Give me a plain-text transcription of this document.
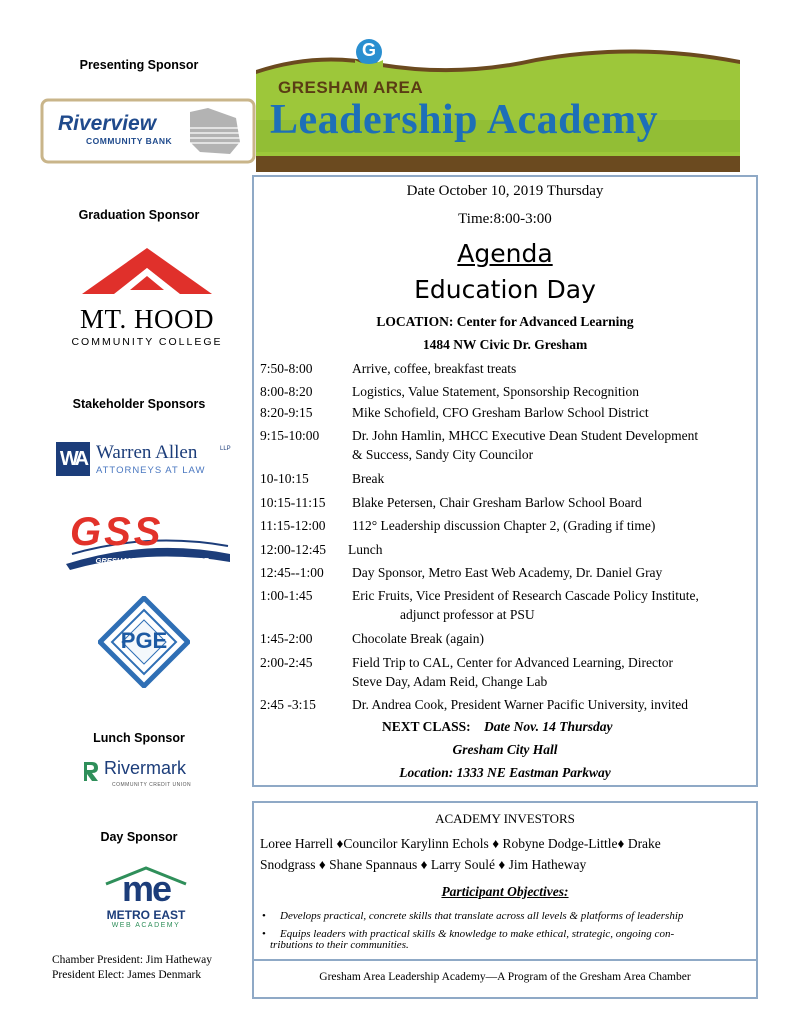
Presenting Sponsor
Riverview
COMMUNITY BANK
Graduation Sponsor
MT. HOOD
COMMUNITY COLLEGE
Stakeholder Sponsors
WA Warren Allen	LLP
ATTORNEYS AT LAW
GSS
GRESHAM SANITARY SERVICE
PGE
Lunch Sponsor
Rivermark
COMMUNITY CREDIT UNION
Day Sponsor
me
METRO EAST
WEB ACADEMY
Chamber President: Jim Hatheway
President Elect: James Denmark
G
GRESHAM AREA
Leadership Academy
Date October 10, 2019 Thursday
Time:8:00-3:00
Agenda
Education Day
LOCATION: Center for Advanced Learning
1484 NW Civic Dr. Gresham
7:50-8:00	Arrive, coffee, breakfast treats
8:00-8:20	Logistics, Value Statement, Sponsorship Recognition
8:20-9:15	Mike Schofield, CFO Gresham Barlow School District
9:15-10:00	Dr. John Hamlin, MHCC Executive Dean Student Development
& Success, Sandy City Councilor
10-10:15	Break
10:15-11:15	Blake Petersen, Chair Gresham Barlow School Board
11:15-12:00	112° Leadership discussion Chapter 2, (Grading if time)
12:00-12:45	Lunch
12:45--1:00	Day Sponsor, Metro East Web Academy, Dr. Daniel Gray
1:00-1:45	Eric Fruits, Vice President of Research Cascade Policy Institute,
adjunct professor at PSU
1:45-2:00	Chocolate Break (again)
2:00-2:45	Field Trip to CAL, Center for Advanced Learning, Director
Steve Day, Adam Reid, Change Lab
2:45 -3:15	Dr. Andrea Cook, President Warner Pacific University, invited
NEXT CLASS: Date Nov. 14 Thursday
Gresham City Hall
Location: 1333 NE Eastman Parkway
ACADEMY INVESTORS
Loree Harrell ♦Councilor Karylinn Echols ♦ Robyne Dodge-Little♦ Drake
Snodgrass ♦ Shane Spannaus ♦ Larry Soulé ♦ Jim Hatheway
Participant Objectives:
• Develops practical, concrete skills that translate across all levels & platforms of leadership
• Equips leaders with practical skills & knowledge to make ethical, strategic, ongoing con-
tributions to their communities.
Gresham Area Leadership Academy—A Program of the Gresham Area Chamber
